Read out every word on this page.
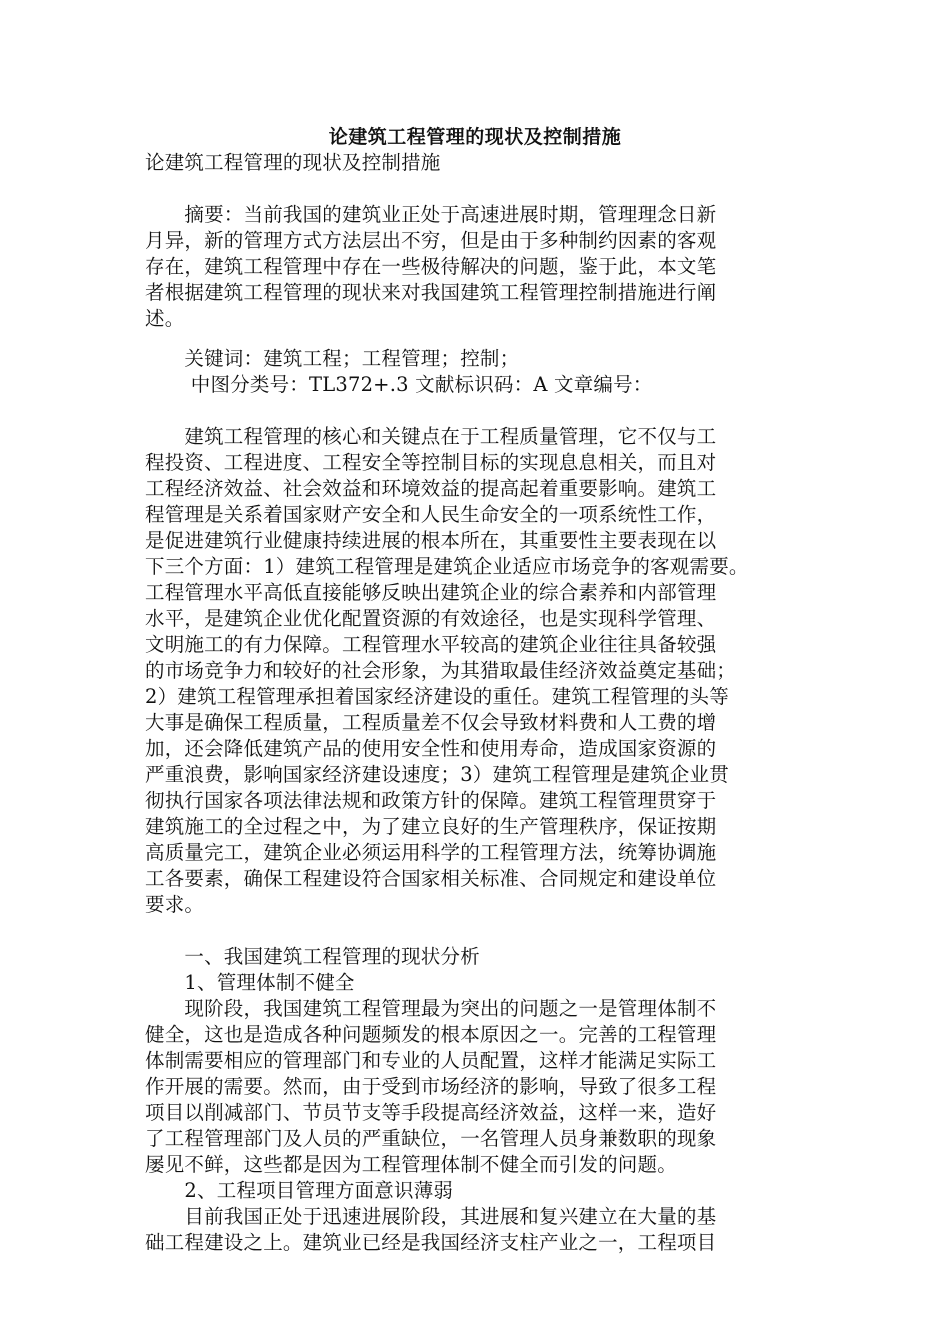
论建筑工程管理的现状及控制措施
论建筑工程管理的现状及控制措施
　　摘要：当前我国的建筑业正处于高速进展时期，管理理念日新
月异，新的管理方式方法层出不穷，但是由于多种制约因素的客观
存在，建筑工程管理中存在一些极待解决的问题，鉴于此，本文笔
者根据建筑工程管理的现状来对我国建筑工程管理控制措施进行阐
述。
　　关键词：建筑工程；工程管理；控制；
　　 中图分类号：TL372+.3 文献标识码：A 文章编号：
　　建筑工程管理的核心和关键点在于工程质量管理，它不仅与工
程投资、工程进度、工程安全等控制目标的实现息息相关，而且对
工程经济效益、社会效益和环境效益的提高起着重要影响。建筑工
程管理是关系着国家财产安全和人民生命安全的一项系统性工作，
是促进建筑行业健康持续进展的根本所在，其重要性主要表现在以
下三个方面：1）建筑工程管理是建筑企业适应市场竞争的客观需要。
工程管理水平高低直接能够反映出建筑企业的综合素养和内部管理
水平，是建筑企业优化配置资源的有效途径，也是实现科学管理、
文明施工的有力保障。工程管理水平较高的建筑企业往往具备较强
的市场竞争力和较好的社会形象，为其猎取最佳经济效益奠定基础；
2）建筑工程管理承担着国家经济建设的重任。建筑工程管理的头等
大事是确保工程质量，工程质量差不仅会导致材料费和人工费的增
加，还会降低建筑产品的使用安全性和使用寿命，造成国家资源的
严重浪费，影响国家经济建设速度；3）建筑工程管理是建筑企业贯
彻执行国家各项法律法规和政策方针的保障。建筑工程管理贯穿于
建筑施工的全过程之中，为了建立良好的生产管理秩序，保证按期
高质量完工，建筑企业必须运用科学的工程管理方法，统筹协调施
工各要素，确保工程建设符合国家相关标准、合同规定和建设单位
要求。
　　一、我国建筑工程管理的现状分析
　　1、管理体制不健全
　　现阶段，我国建筑工程管理最为突出的问题之一是管理体制不
健全，这也是造成各种问题频发的根本原因之一。完善的工程管理
体制需要相应的管理部门和专业的人员配置，这样才能满足实际工
作开展的需要。然而，由于受到市场经济的影响，导致了很多工程
项目以削减部门、节员节支等手段提高经济效益，这样一来，造好
了工程管理部门及人员的严重缺位，一名管理人员身兼数职的现象
屡见不鲜，这些都是因为工程管理体制不健全而引发的问题。
　　2、工程项目管理方面意识薄弱
　　目前我国正处于迅速进展阶段，其进展和复兴建立在大量的基
础工程建设之上。建筑业已经是我国经济支柱产业之一，工程项目
